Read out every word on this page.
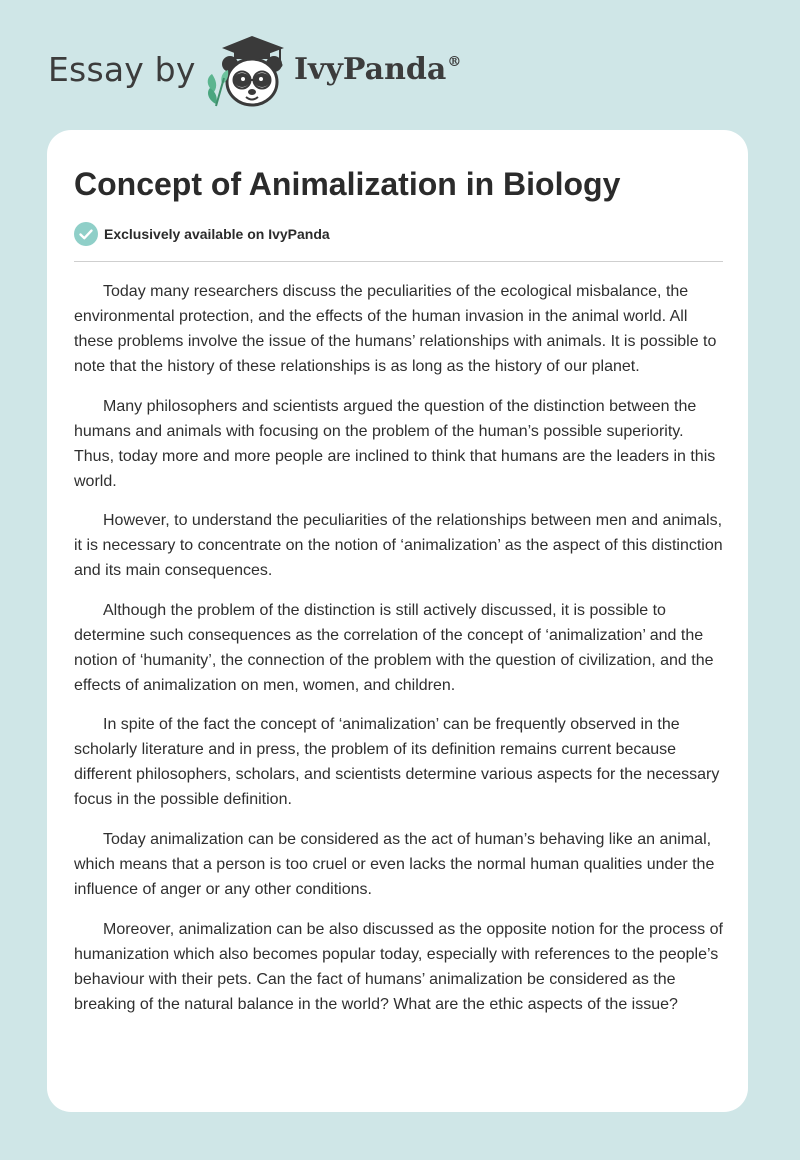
Essay by	IvyPanda®
Concept of Animalization in Biology
Exclusively available on IvyPanda

Today many researchers discuss the peculiarities of the ecological misbalance, the environmental protection, and the effects of the human invasion in the animal world. All these problems involve the issue of the humans’ relationships with animals. It is possible to note that the history of these relationships is as long as the history of our planet.

Many philosophers and scientists argued the question of the distinction between the humans and animals with focusing on the problem of the human’s possible superiority. Thus, today more and more people are inclined to think that humans are the leaders in this world.

However, to understand the peculiarities of the relationships between men and animals, it is necessary to concentrate on the notion of ‘animalization’ as the aspect of this distinction and its main consequences.

Although the problem of the distinction is still actively discussed, it is possible to determine such consequences as the correlation of the concept of ‘animalization’ and the notion of ‘humanity’, the connection of the problem with the question of civilization, and the effects of animalization on men, women, and children.

In spite of the fact the concept of ‘animalization’ can be frequently observed in the scholarly literature and in press, the problem of its definition remains current because different philosophers, scholars, and scientists determine various aspects for the necessary focus in the possible definition.

Today animalization can be considered as the act of human’s behaving like an animal, which means that a person is too cruel or even lacks the normal human qualities under the influence of anger or any other conditions.

Moreover, animalization can be also discussed as the opposite notion for the process of humanization which also becomes popular today, especially with references to the people’s behaviour with their pets. Can the fact of humans’ animalization be considered as the breaking of the natural balance in the world? What are the ethic aspects of the issue?
